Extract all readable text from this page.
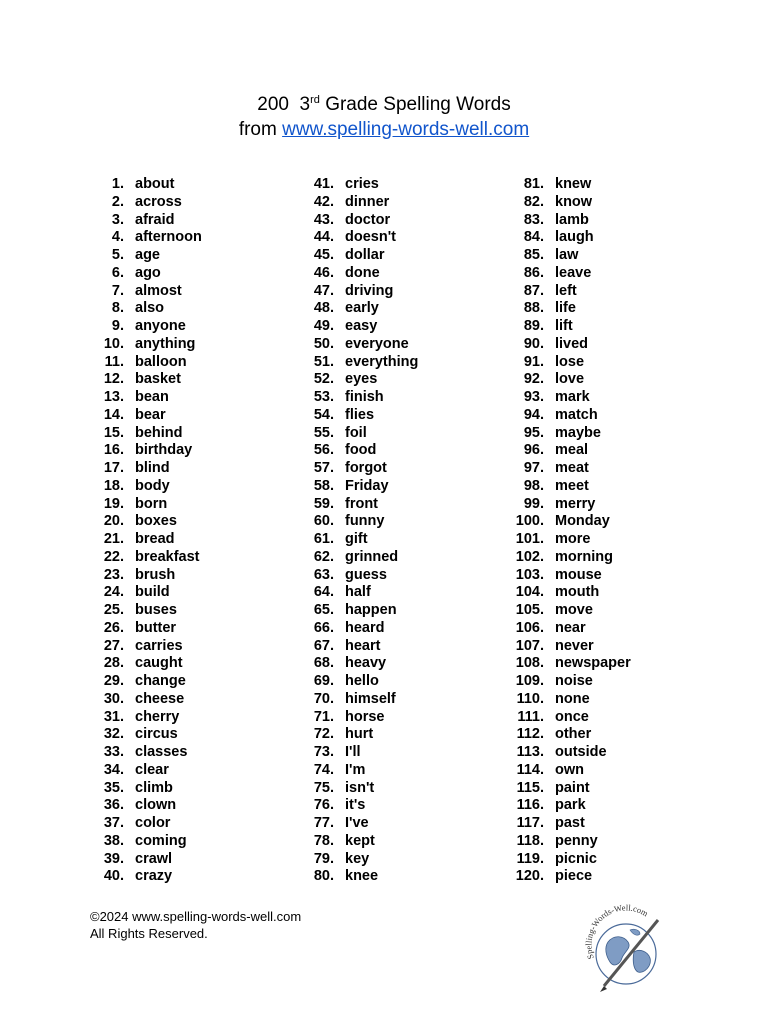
200 3rd Grade Spelling Words
from www.spelling-words-well.com
1. about
2. across
3. afraid
4. afternoon
5. age
6. ago
7. almost
8. also
9. anyone
10. anything
11. balloon
12. basket
13. bean
14. bear
15. behind
16. birthday
17. blind
18. body
19. born
20. boxes
21. bread
22. breakfast
23. brush
24. build
25. buses
26. butter
27. carries
28. caught
29. change
30. cheese
31. cherry
32. circus
33. classes
34. clear
35. climb
36. clown
37. color
38. coming
39. crawl
40. crazy
41. cries
42. dinner
43. doctor
44. doesn't
45. dollar
46. done
47. driving
48. early
49. easy
50. everyone
51. everything
52. eyes
53. finish
54. flies
55. foil
56. food
57. forgot
58. Friday
59. front
60. funny
61. gift
62. grinned
63. guess
64. half
65. happen
66. heard
67. heart
68. heavy
69. hello
70. himself
71. horse
72. hurt
73. I'll
74. I'm
75. isn't
76. it's
77. I've
78. kept
79. key
80. knee
81. knew
82. know
83. lamb
84. laugh
85. law
86. leave
87. left
88. life
89. lift
90. lived
91. lose
92. love
93. mark
94. match
95. maybe
96. meal
97. meat
98. meet
99. merry
100. Monday
101. more
102. morning
103. mouse
104. mouth
105. move
106. near
107. never
108. newspaper
109. noise
110. none
111. once
112. other
113. outside
114. own
115. paint
116. park
117. past
118. penny
119. picnic
120. piece
©2024 www.spelling-words-well.com
All Rights Reserved.
Spelling-Words-Well.com
